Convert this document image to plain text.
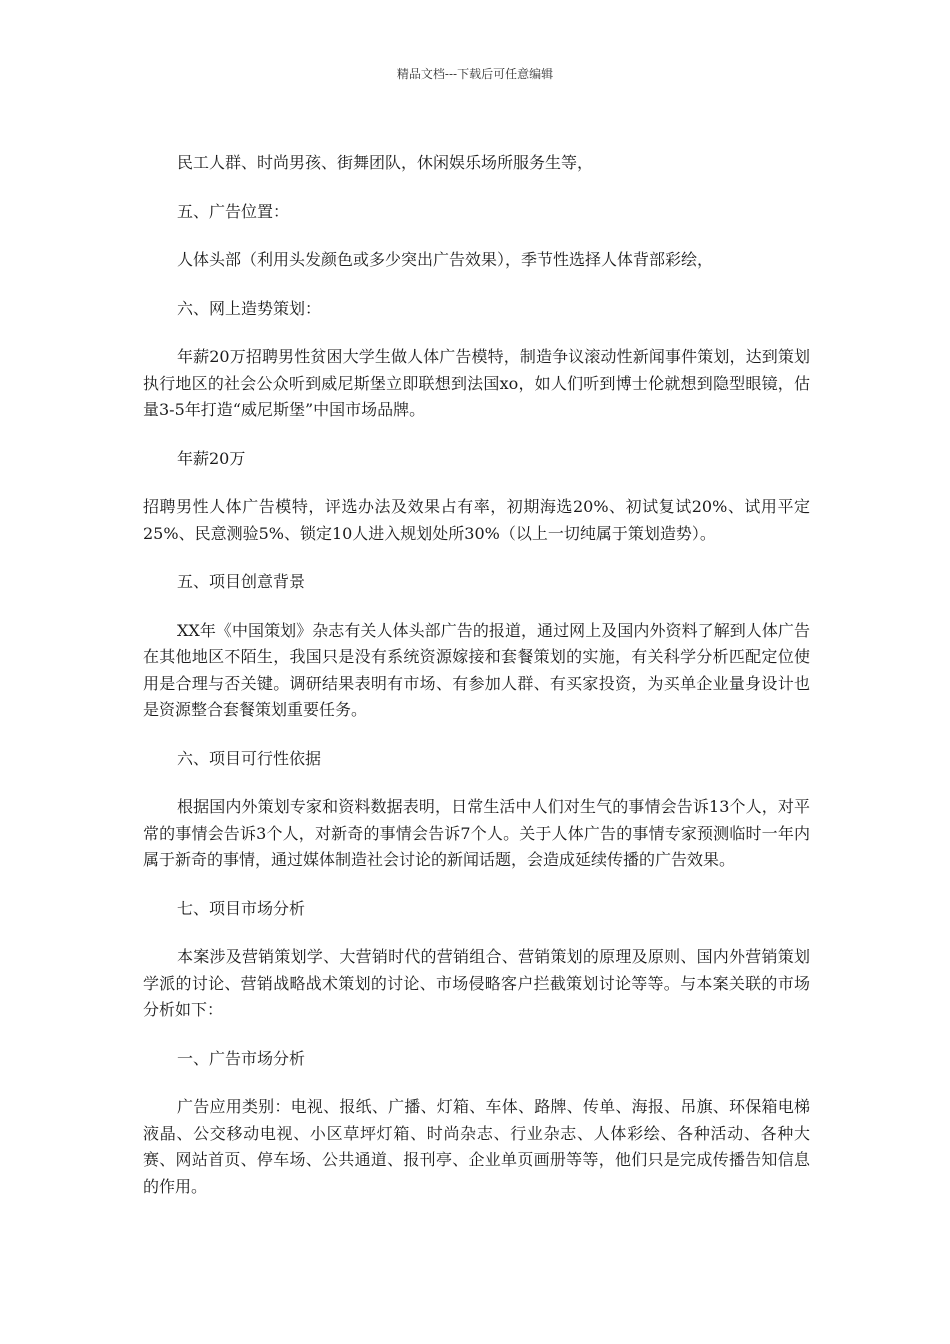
精品文档---下载后可任意编辑

民工人群、时尚男孩、街舞团队，休闲娱乐场所服务生等，

五、广告位置：

人体头部（利用头发颜色或多少突出广告效果），季节性选择人体背部彩绘，

六、网上造势策划：

年薪20万招聘男性贫困大学生做人体广告模特，制造争议滚动性新闻事件策划，达到策划执行地区的社会公众听到威尼斯堡立即联想到法国xo，如人们听到博士伦就想到隐型眼镜，估量3-5年打造“威尼斯堡”中国市场品牌。

年薪20万

招聘男性人体广告模特，评选办法及效果占有率，初期海选20%、初试复试20%、试用平定25%、民意测验5%、锁定10人进入规划处所30%（以上一切纯属于策划造势）。

五、项目创意背景

XX年《中国策划》杂志有关人体头部广告的报道，通过网上及国内外资料了解到人体广告在其他地区不陌生，我国只是没有系统资源嫁接和套餐策划的实施，有关科学分析匹配定位使用是合理与否关键。调研结果表明有市场、有参加人群、有买家投资，为买单企业量身设计也是资源整合套餐策划重要任务。

六、项目可行性依据

根据国内外策划专家和资料数据表明，日常生活中人们对生气的事情会告诉13个人，对平常的事情会告诉3个人，对新奇的事情会告诉7个人。关于人体广告的事情专家预测临时一年内属于新奇的事情，通过媒体制造社会讨论的新闻话题，会造成延续传播的广告效果。

七、项目市场分析

本案涉及营销策划学、大营销时代的营销组合、营销策划的原理及原则、国内外营销策划学派的讨论、营销战略战术策划的讨论、市场侵略客户拦截策划讨论等等。与本案关联的市场分析如下：

一、广告市场分析

广告应用类别：电视、报纸、广播、灯箱、车体、路牌、传单、海报、吊旗、环保箱电梯液晶、公交移动电视、小区草坪灯箱、时尚杂志、行业杂志、人体彩绘、各种活动、各种大赛、网站首页、停车场、公共通道、报刊亭、企业单页画册等等，他们只是完成传播告知信息的作用。
